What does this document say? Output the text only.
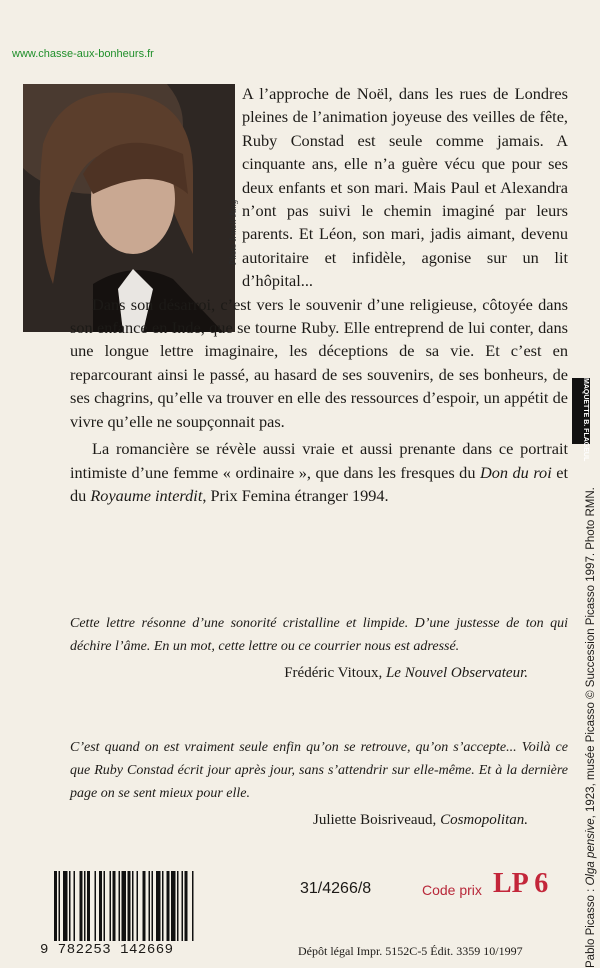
www.chasse-aux-bonheurs.fr
Photo Irmeli Jung

A l’approche de Noël, dans les rues de Londres pleines de l’animation joyeuse des veilles de fête, Ruby Constad est seule comme jamais. A cinquante ans, elle n’a guère vécu que pour ses deux enfants et son mari. Mais Paul et Alexandra n’ont pas suivi le chemin imaginé par leurs parents. Et Léon, son mari, jadis aimant, devenu autoritaire et infidèle, agonise sur un lit d’hôpital...

Dans son désarroi, c’est vers le souvenir d’une religieuse, côtoyée dans son enfance en Inde, que se tourne Ruby. Elle entreprend de lui conter, dans une longue lettre imaginaire, les déceptions de sa vie. Et c’est en reparcourant ainsi le passé, au hasard de ses souvenirs, de ses bonheurs, de ses chagrins, qu’elle va trouver en elle des ressources d’espoir, un appétit de vivre qu’elle ne soupçonnait pas.

La romancière se révèle aussi vraie et aussi prenante dans ce portrait intimiste d’une femme « ordinaire », que dans les fresques du Don du roi et du Royaume interdit, Prix Femina étranger 1994.

Cette lettre résonne d’une sonorité cristalline et limpide. D’une justesse de ton qui déchire l’âme. En un mot, cette lettre ou ce courrier nous est adressé.

Frédéric Vitoux, Le Nouvel Observateur.

C’est quand on est vraiment seule enfin qu’on se retrouve, qu’on s’accepte... Voilà ce que Ruby Constad écrit jour après jour, sans s’attendrir sur elle-même. Et à la dernière page on se sent mieux pour elle.

Juliette Boisriveaud, Cosmopolitan.

9 782253 142669
31/4266/8	Code prix LP 6
Dépôt légal Impr. 5152C-5 Édit. 3359 10/1997	Pablo Picasso : Olga pensive, 1923, musée Picasso © Succession Picasso 1997. Photo RMN.
MAQUETTE B. FLAGEUL
